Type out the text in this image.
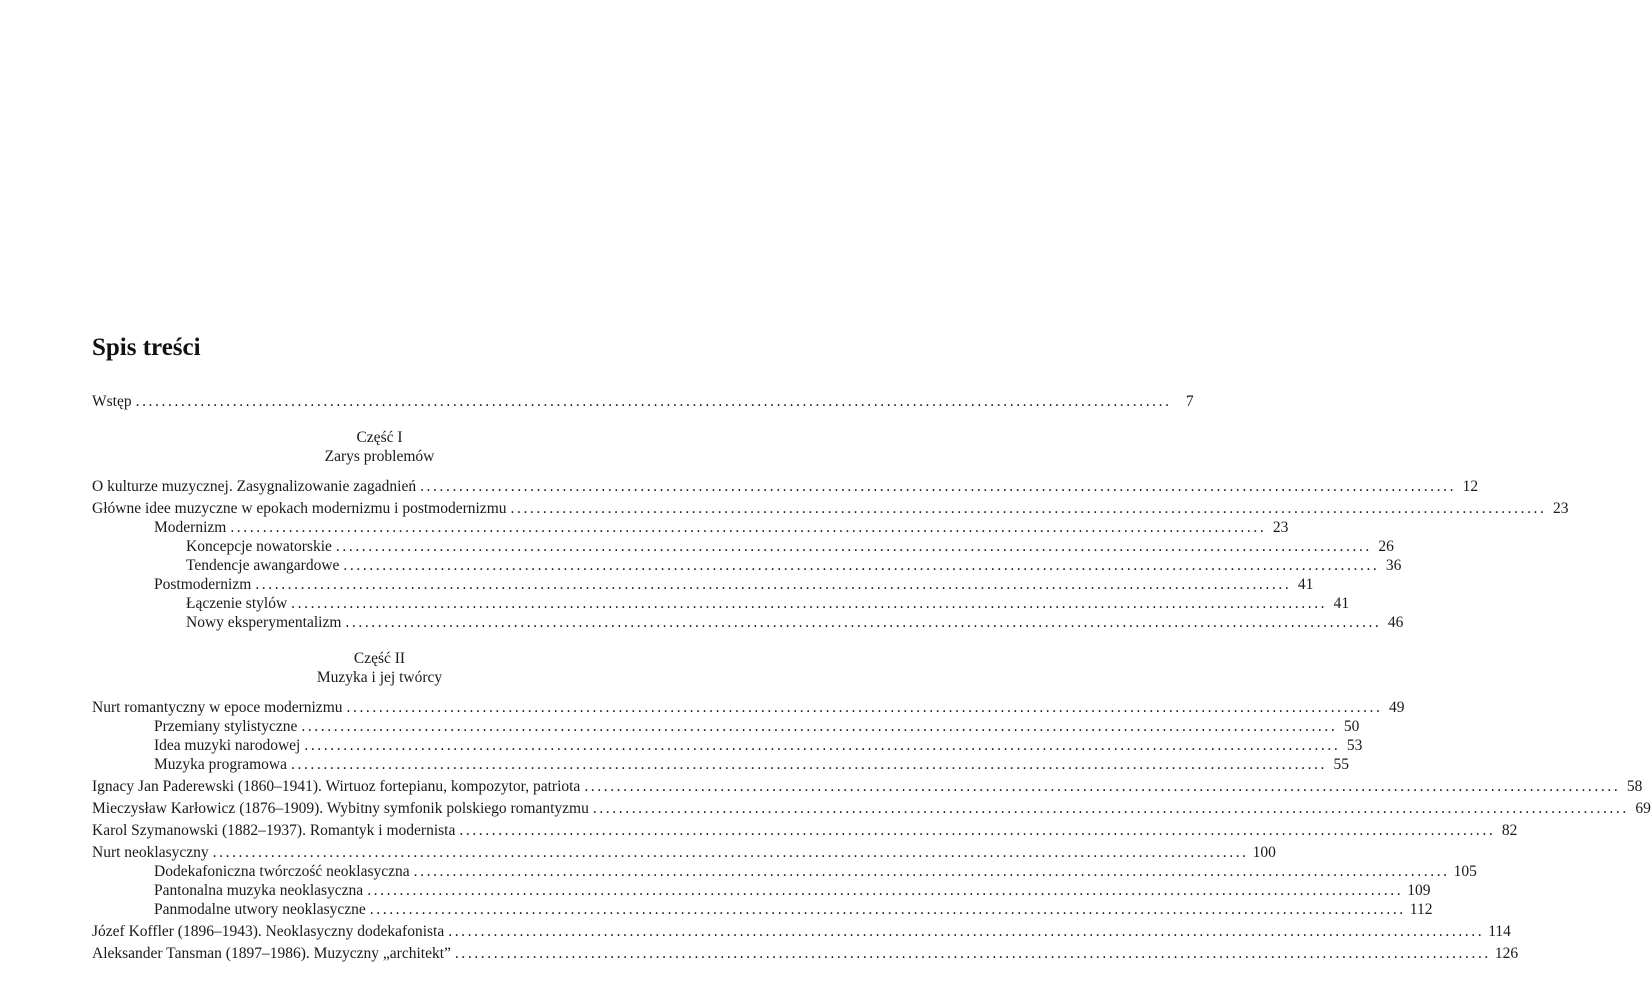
Spis treści
Wstęp ................................................................................................................................................................ 7
Część I
Zarys problemów
O kulturze muzycznej. Zasygnalizowanie zagadnień ................................................................................................................................................................ 12
Główne idee muzyczne w epokach modernizmu i postmodernizmu ................................................................................................................................................................ 23
Modernizm ................................................................................................................................................................ 23
Koncepcje nowatorskie ................................................................................................................................................................ 26
Tendencje awangardowe ................................................................................................................................................................ 36
Postmodernizm ................................................................................................................................................................ 41
Łączenie stylów ................................................................................................................................................................ 41
Nowy eksperymentalizm ................................................................................................................................................................ 46
Część II
Muzyka i jej twórcy
Nurt romantyczny w epoce modernizmu ................................................................................................................................................................ 49
Przemiany stylistyczne ................................................................................................................................................................ 50
Idea muzyki narodowej ................................................................................................................................................................ 53
Muzyka programowa ................................................................................................................................................................ 55
Ignacy Jan Paderewski (1860–1941). Wirtuoz fortepianu, kompozytor, patriota ................................................................................................................................................................ 58
Mieczysław Karłowicz (1876–1909). Wybitny symfonik polskiego romantyzmu ................................................................................................................................................................ 69
Karol Szymanowski (1882–1937). Romantyk i modernista ................................................................................................................................................................ 82
Nurt neoklasyczny ................................................................................................................................................................ 100
Dodekafoniczna twórczość neoklasyczna ................................................................................................................................................................ 105
Pantonalna muzyka neoklasyczna ................................................................................................................................................................ 109
Panmodalne utwory neoklasyczne ................................................................................................................................................................ 112
Józef Koffler (1896–1943). Neoklasyczny dodekafonista ................................................................................................................................................................ 114
Aleksander Tansman (1897–1986). Muzyczny „architekt” ................................................................................................................................................................ 126
